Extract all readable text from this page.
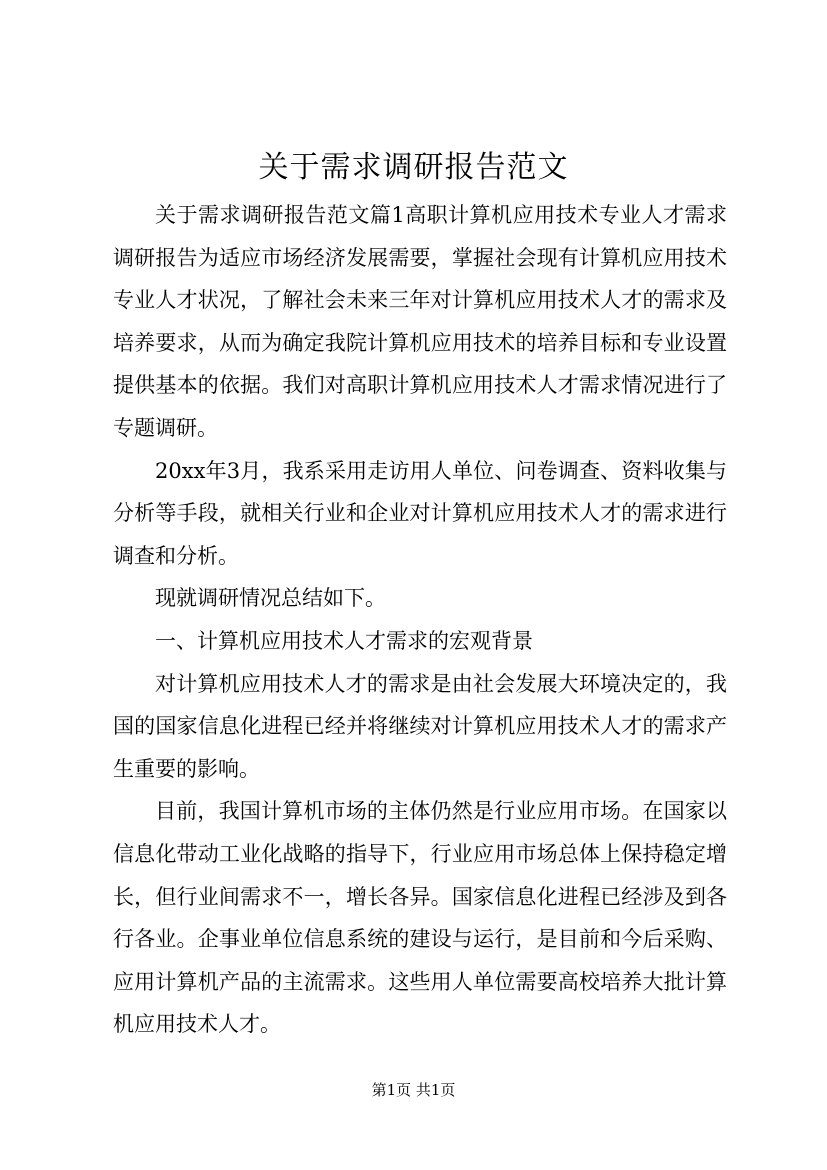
关于需求调研报告范文

关于需求调研报告范文篇1高职计算机应用技术专业人才需求调研报告为适应市场经济发展需要，掌握社会现有计算机应用技术专业人才状况，了解社会未来三年对计算机应用技术人才的需求及培养要求，从而为确定我院计算机应用技术的培养目标和专业设置提供基本的依据。我们对高职计算机应用技术人才需求情况进行了专题调研。

20xx年3月，我系采用走访用人单位、问卷调查、资料收集与分析等手段，就相关行业和企业对计算机应用技术人才的需求进行调查和分析。

现就调研情况总结如下。

一、计算机应用技术人才需求的宏观背景

对计算机应用技术人才的需求是由社会发展大环境决定的，我国的国家信息化进程已经并将继续对计算机应用技术人才的需求产生重要的影响。

目前，我国计算机市场的主体仍然是行业应用市场。在国家以信息化带动工业化战略的指导下，行业应用市场总体上保持稳定增长，但行业间需求不一，增长各异。国家信息化进程已经涉及到各行各业。企事业单位信息系统的建设与运行，是目前和今后采购、应用计算机产品的主流需求。这些用人单位需要高校培养大批计算机应用技术人才。

第1页 共1页
